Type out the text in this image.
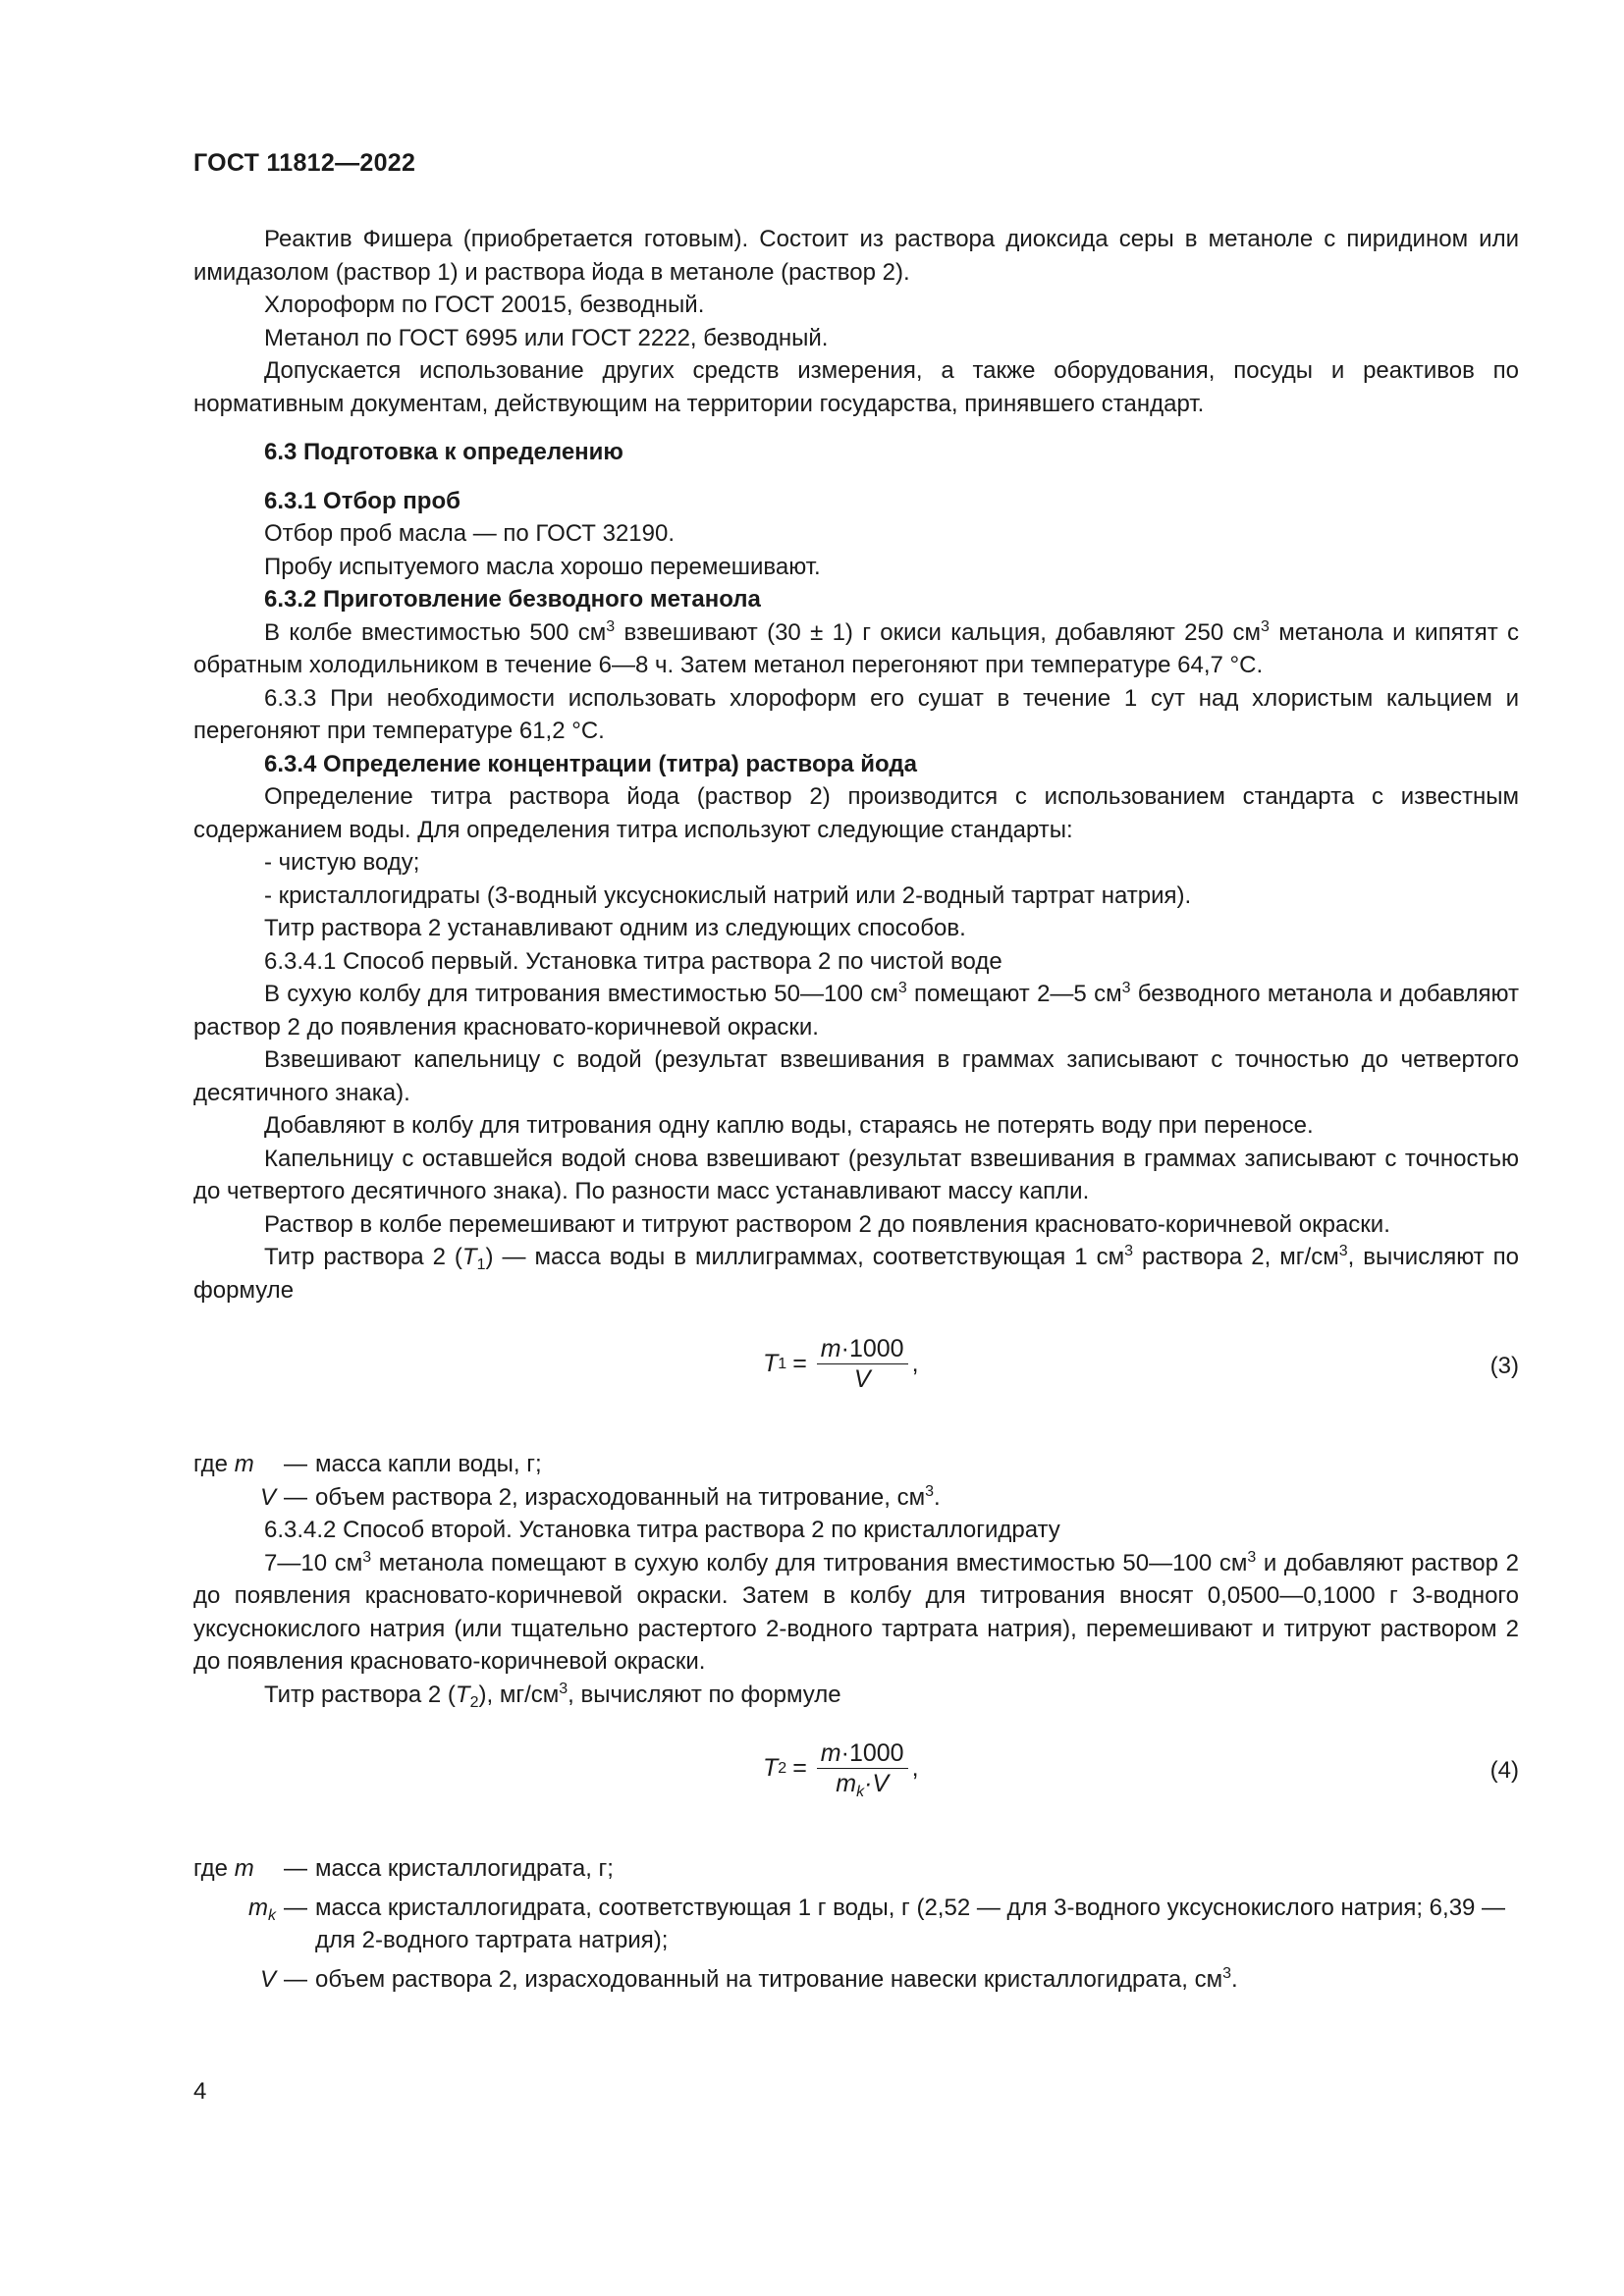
ГОСТ 11812—2022

Реактив Фишера (приобретается готовым). Состоит из раствора диоксида серы в метаноле с пиридином или имидазолом (раствор 1) и раствора йода в метаноле (раствор 2).

Хлороформ по ГОСТ 20015, безводный.

Метанол по ГОСТ 6995 или ГОСТ 2222, безводный.

Допускается использование других средств измерения, а также оборудования, посуды и реактивов по нормативным документам, действующим на территории государства, принявшего стандарт.

6.3 Подготовка к определению
6.3.1 Отбор проб

Отбор проб масла — по ГОСТ 32190.

Пробу испытуемого масла хорошо перемешивают.

6.3.2 Приготовление безводного метанола

В колбе вместимостью 500 $см^3$ взвешивают (30 ± 1) г окиси кальция, добавляют 250 $см^3$ метанола и кипятят с обратным холодильником в течение 6—8 ч. Затем метанол перегоняют при температуре 64,7 °С.

6.3.3 При необходимости использовать хлороформ его сушат в течение 1 сут над хлористым кальцием и перегоняют при температуре 61,2 °С.

6.3.4 Определение концентрации (титра) раствора йода

Определение титра раствора йода (раствор 2) производится с использованием стандарта с известным содержанием воды. Для определения титра используют следующие стандарты:

- чистую воду;

- кристаллогидраты (3-водный уксуснокислый натрий или 2-водный тартрат натрия).

Титр раствора 2 устанавливают одним из следующих способов.

6.3.4.1 Способ первый. Установка титра раствора 2 по чистой воде

В сухую колбу для титрования вместимостью 50—100 $см^3$ помещают 2—5 $см^3$ безводного метанола и добавляют раствор 2 до появления красновато-коричневой окраски.

Взвешивают капельницу с водой (результат взвешивания в граммах записывают с точностью до четвертого десятичного знака).

Добавляют в колбу для титрования одну каплю воды, стараясь не потерять воду при переносе.

Капельницу с оставшейся водой снова взвешивают (результат взвешивания в граммах записывают с точностью до четвертого десятичного знака). По разности масс устанавливают массу капли.

Раствор в колбе перемешивают и титруют раствором 2 до появления красновато-коричневой окраски.

Титр раствора 2 $(T_1)$ — масса воды в миллиграммах, соответствующая 1 $см^3$ раствора 2, $мг/см^3$, вычисляют по формуле

T $1 = \frac{m\cdot 1000}{V}$ ,	(3)
где m	— масса капли воды, г;
V — объем раствора 2, израсходованный на титрование, $см^3$.

6.3.4.2 Способ второй. Установка титра раствора 2 по кристаллогидрату

7—10 $см^3$ метанола помещают в сухую колбу для титрования вместимостью 50—100 $см^3$ и добавляют раствор 2 до появления красновато-коричневой окраски. Затем в колбу для титрования вносят 0,0500—0,1000 г 3-водного уксуснокислого натрия (или тщательно растертого 2-водного тартрата натрия), перемешивают и титруют раствором 2 до появления красновато-коричневой окраски.

Титр раствора 2 $(T_2)$, $мг/см^3$, вычисляют по формуле

T $2 = \frac{m\cdot 1000}{m_k\cdot V}$ ,	(4)
где m	— масса кристаллогидрата, г;
$m_k$ — масса кристаллогидрата, соответствующая 1 г воды, г (2,52 — для 3-водного уксуснокислого натрия; 6,39 — для 2-водного тартрата натрия);
V — объем раствора 2, израсходованный на титрование навески кристаллогидрата, $см^3$.
4
